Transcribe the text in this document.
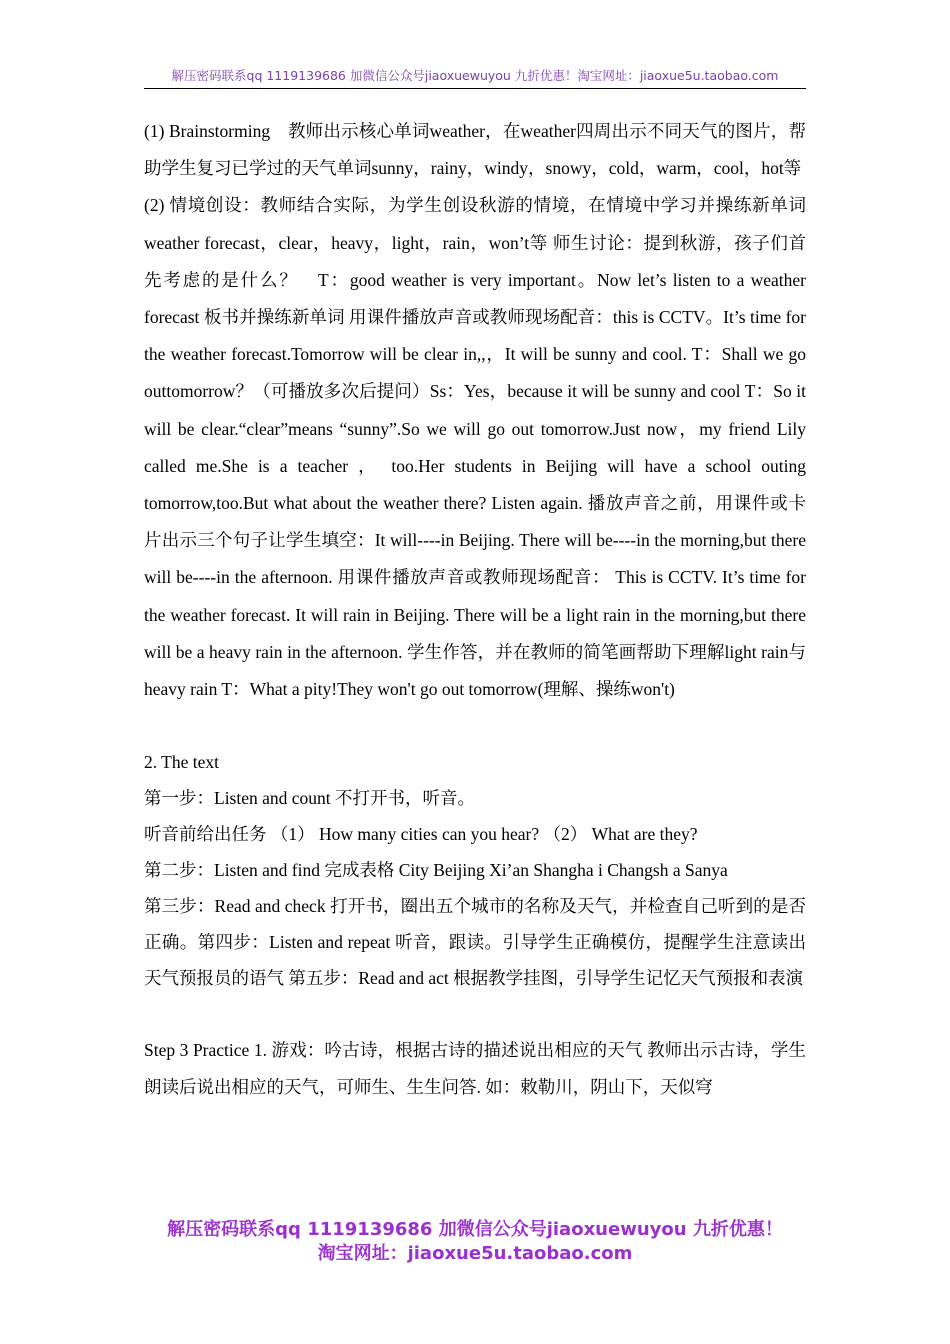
解压密码联系qq 1119139686 加微信公众号jiaoxuewuyou 九折优惠！淘宝网址：jiaoxue5u.taobao.com

(1) Brainstorming　教师出示核心单词weather，在weather四周出示不同天气的图片，帮助学生复习已学过的天气单词sunny，rainy，windy，snowy，cold，warm，cool，hot等

(2) 情境创设：教师结合实际，为学生创设秋游的情境，在情境中学习并操练新单词weather forecast，clear，heavy，light，rain，won’t等 师生讨论：提到秋游，孩子们首先考虑的是什么？　T：good weather is very important。Now let’s listen to a weather forecast 板书并操练新单词 用课件播放声音或教师现场配音：this is CCTV。It’s time for the weather forecast.Tomorrow will be clear in,,，It will be sunny and cool. T：Shall we go outtomorrow？（可播放多次后提问）Ss：Yes，because it will be sunny and cool T：So it will be clear.“clear”means “sunny”.So we will go out tomorrow.Just now，my friend Lily called me.She is a teacher ， too.Her students in Beijing will have a school outing tomorrow,too.But what about the weather there? Listen again. 播放声音之前，用课件或卡片出示三个句子让学生填空：It will----in Beijing. There will be----in the morning,but there will be----in the afternoon. 用课件播放声音或教师现场配音： This is CCTV. It’s time for the weather forecast. It will rain in Beijing. There will be a light rain in the morning,but there will be a heavy rain in the afternoon. 学生作答，并在教师的简笔画帮助下理解light rain与heavy rain T：What a pity!They won't go out tomorrow(理解、操练won't)

2. The text

第一步：Listen and count 不打开书，听音。

听音前给出任务 （1） How many cities can you hear? （2） What are they?

第二步：Listen and find 完成表格 City Beijing Xi’an Shangha i Changsh a Sanya

第三步：Read and check 打开书，圈出五个城市的名称及天气，并检查自己听到的是否正确。第四步：Listen and repeat 听音，跟读。引导学生正确模仿，提醒学生注意读出天气预报员的语气 第五步：Read and act 根据教学挂图，引导学生记忆天气预报和表演

Step 3 Practice 1. 游戏：吟古诗，根据古诗的描述说出相应的天气 教师出示古诗，学生朗读后说出相应的天气，可师生、生生问答. 如：敕勒川，阴山下，天似穹

解压密码联系qq 1119139686 加微信公众号jiaoxuewuyou 九折优惠！
淘宝网址：jiaoxue5u.taobao.com
